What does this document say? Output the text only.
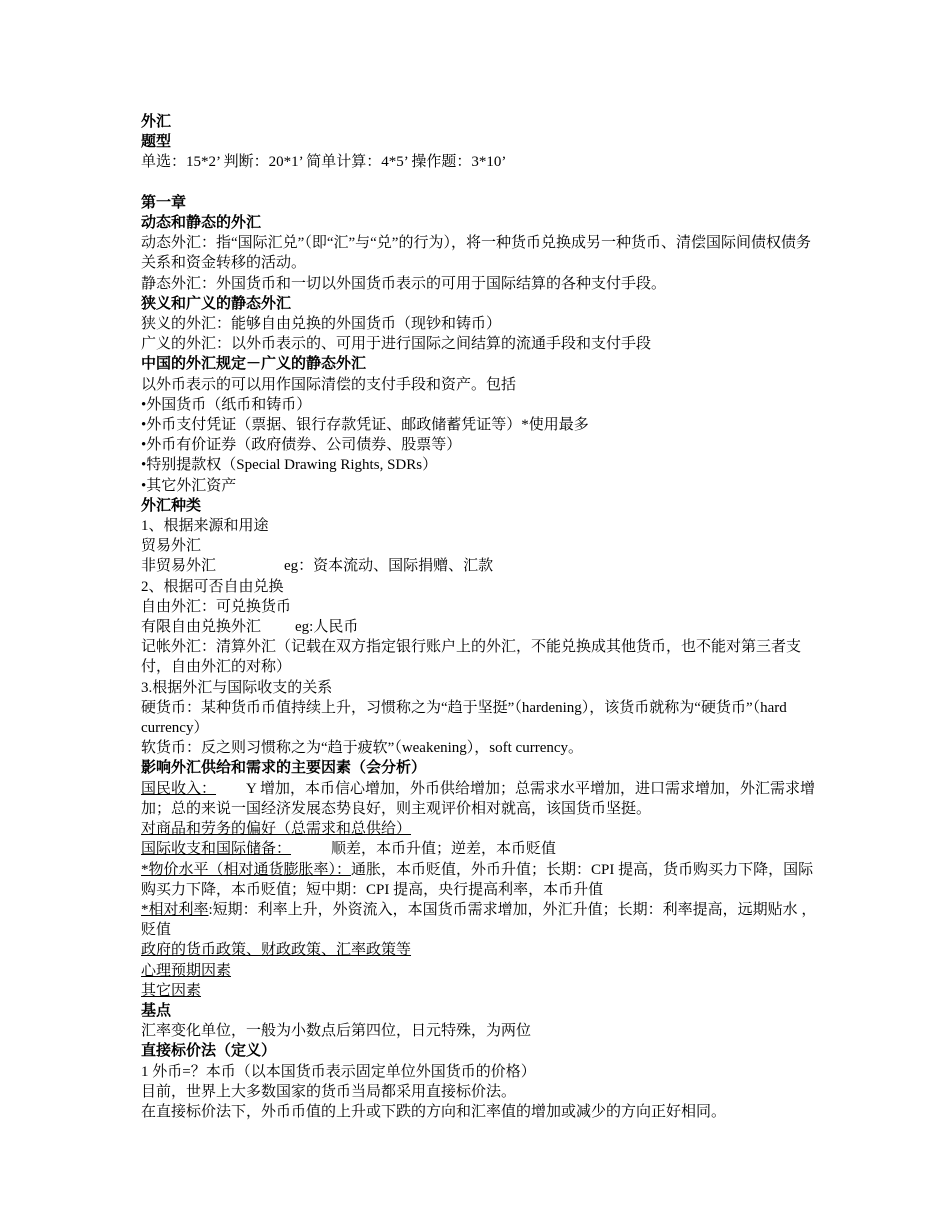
外汇
题型
单选：15*2’ 判断：20*1’ 简单计算：4*5’ 操作题：3*10’
第一章
动态和静态的外汇
动态外汇：指“国际汇兑”（即“汇”与“兑”的行为），将一种货币兑换成另一种货币、清偿国际间债权债务关系和资金转移的活动。
静态外汇：外国货币和一切以外国货币表示的可用于国际结算的各种支付手段。
狭义和广义的静态外汇
狭义的外汇：能够自由兑换的外国货币（现钞和铸币）
广义的外汇：以外币表示的、可用于进行国际之间结算的流通手段和支付手段
中国的外汇规定－广义的静态外汇
以外币表示的可以用作国际清偿的支付手段和资产。包括
•外国货币（纸币和铸币）
•外币支付凭证（票据、银行存款凭证、邮政储蓄凭证等）*使用最多
•外币有价证券（政府债券、公司债券、股票等）
•特别提款权（Special Drawing Rights, SDRs）
•其它外汇资产
外汇种类
1、根据来源和用途
贸易外汇
非贸易外汇	eg：资本流动、国际捐赠、汇款
2、根据可否自由兑换
自由外汇：可兑换货币
有限自由兑换外汇 eg:人民币
记帐外汇：清算外汇（记载在双方指定银行账户上的外汇，不能兑换成其他货币，也不能对第三者支付，自由外汇的对称）
3.根据外汇与国际收支的关系
硬货币：某种货币币值持续上升，习惯称之为“趋于坚挺”（hardening），该货币就称为“硬货币”（hard currency）
软货币：反之则习惯称之为“趋于疲软”（weakening），soft currency。
影响外汇供给和需求的主要因素（会分析）
国民收入： Y 增加，本币信心增加，外币供给增加；总需求水平增加，进口需求增加，外汇需求增加；总的来说一国经济发展态势良好，则主观评价相对就高，该国货币坚挺。
对商品和劳务的偏好（总需求和总供给）
国际收支和国际储备：	顺差，本币升值；逆差，本币贬值
*物价水平（相对通货膨胀率）：通胀，本币贬值，外币升值；长期：CPI 提高，货币购买力下降，国际购买力下降，本币贬值；短中期：CPI 提高，央行提高利率，本币升值
*相对利率:短期：利率上升，外资流入，本国货币需求增加，外汇升值；长期：利率提高，远期贴水 ，贬值
政府的货币政策、财政政策、汇率政策等
心理预期因素
其它因素
基点
汇率变化单位，一般为小数点后第四位，日元特殊，为两位
直接标价法（定义）
1 外币=？本币（以本国货币表示固定单位外国货币的价格）
目前，世界上大多数国家的货币当局都采用直接标价法。
在直接标价法下，外币币值的上升或下跌的方向和汇率值的增加或减少的方向正好相同。
